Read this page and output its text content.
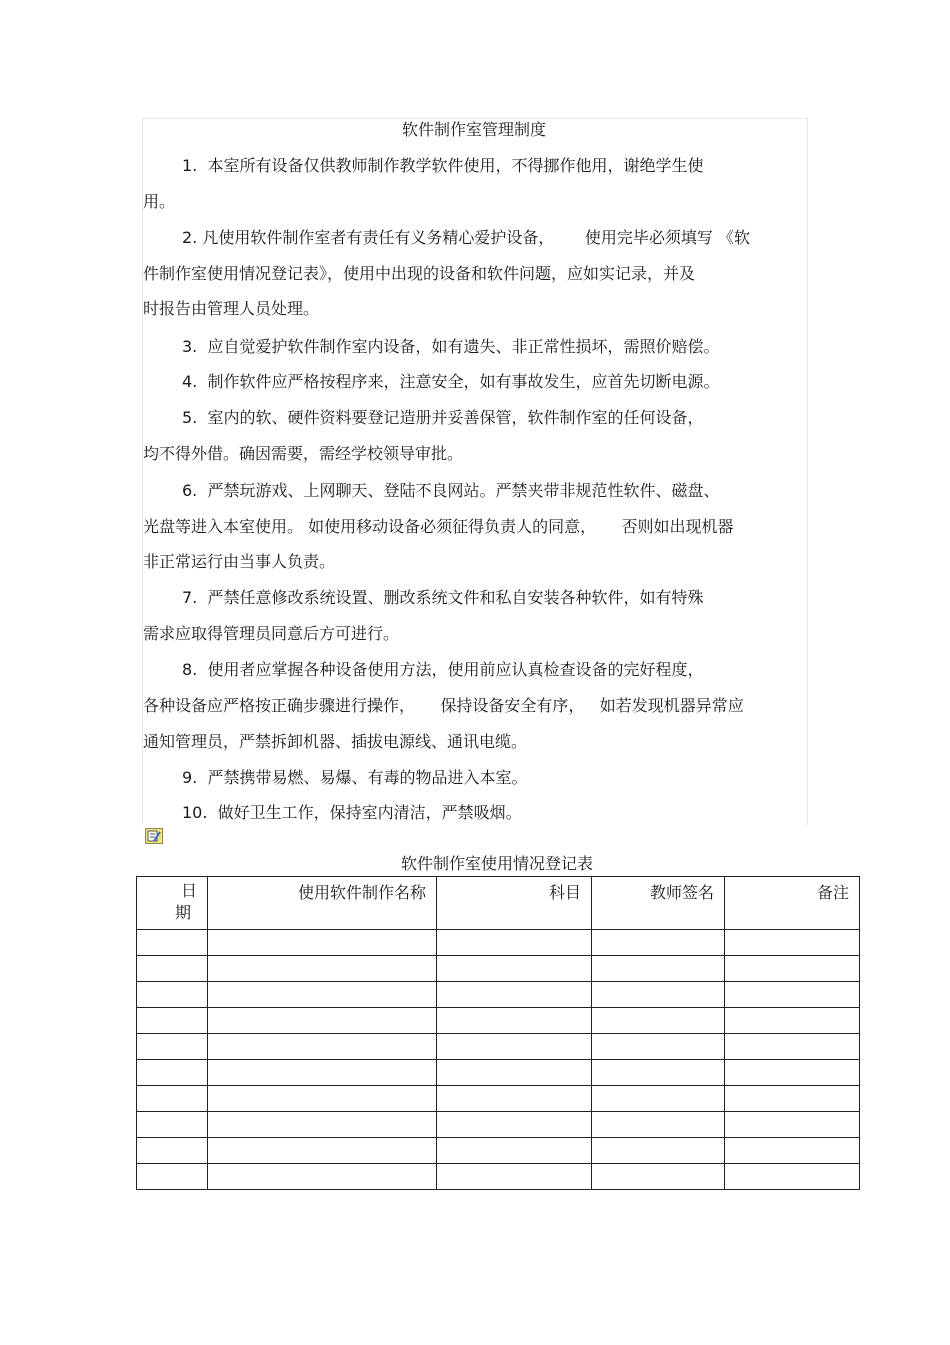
软件制作室管理制度
1.  本室所有设备仅供教师制作教学软件使用，不得挪作他用，谢绝学生使
用。
2. 凡使用软件制作室者有责任有义务精心爱护设备，      使用完毕必须填写 《软
件制作室使用情况登记表》，使用中出现的设备和软件问题，应如实记录，并及
时报告由管理人员处理。
3.  应自觉爱护软件制作室内设备，如有遗失、非正常性损坏，需照价赔偿。
4.  制作软件应严格按程序来，注意安全，如有事故发生，应首先切断电源。
5.  室内的软、硬件资料要登记造册并妥善保管，软件制作室的任何设备，
均不得外借。确因需要，需经学校领导审批。
6.  严禁玩游戏、上网聊天、登陆不良网站。严禁夹带非规范性软件、磁盘、
光盘等进入本室使用。 如使用移动设备必须征得负责人的同意，     否则如出现机器
非正常运行由当事人负责。
7.  严禁任意修改系统设置、删改系统文件和私自安装各种软件，如有特殊
需求应取得管理员同意后方可进行。
8.  使用者应掌握各种设备使用方法，使用前应认真检查设备的完好程度，
各种设备应严格按正确步骤进行操作，     保持设备安全有序，   如若发现机器异常应
通知管理员，严禁拆卸机器、插拔电源线、通讯电缆。
9.  严禁携带易燃、易爆、有毒的物品进入本室。
10.  做好卫生工作，保持室内清洁，严禁吸烟。
软件制作室使用情况登记表
日
期	使用软件制作名称	科目	教师签名	备注
